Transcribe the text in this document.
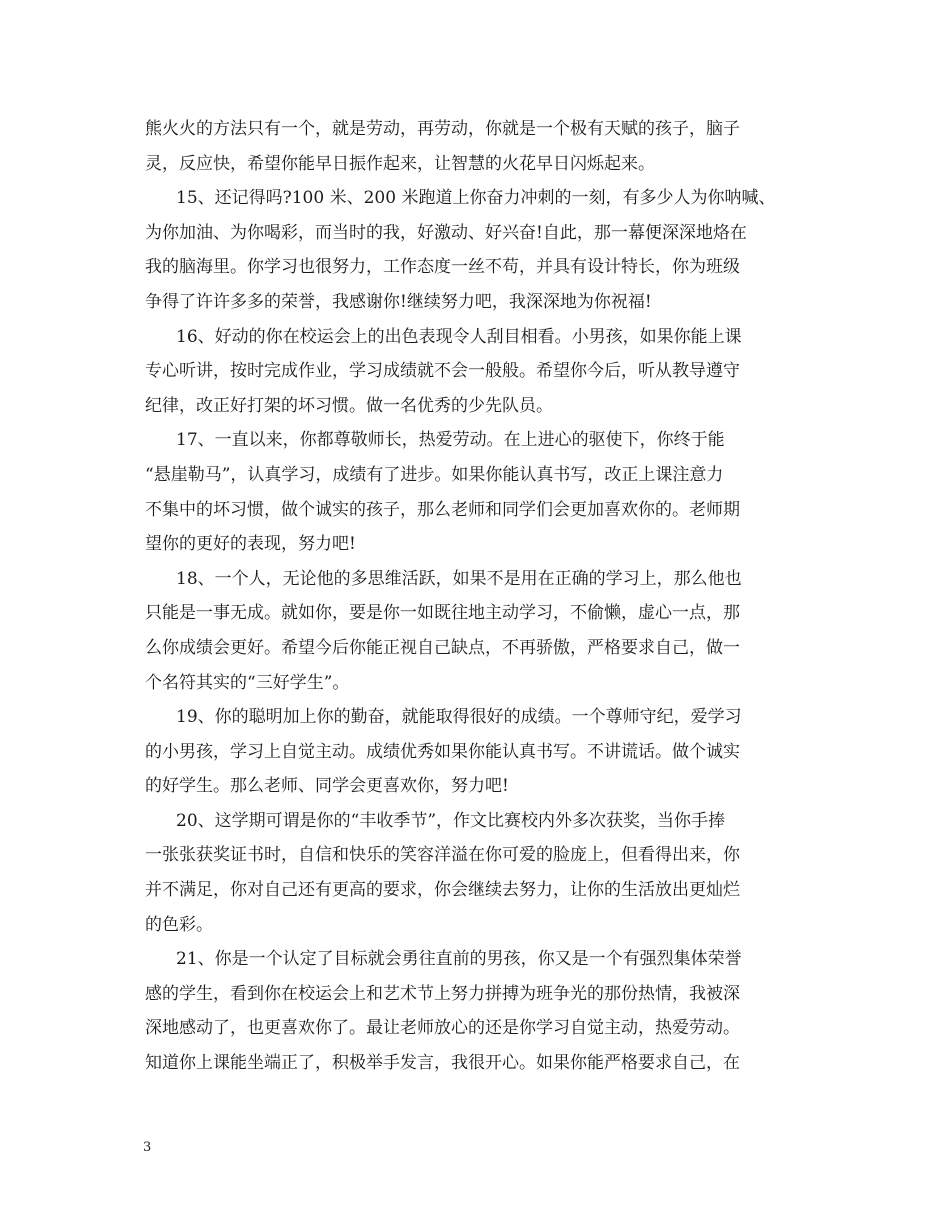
熊火火的方法只有一个，就是劳动，再劳动，你就是一个极有天赋的孩子，脑子
灵，反应快，希望你能早日振作起来，让智慧的火花早日闪烁起来。
15、还记得吗?100 米、200 米跑道上你奋力冲刺的一刻，有多少人为你呐喊、
为你加油、为你喝彩，而当时的我，好激动、好兴奋!自此，那一幕便深深地烙在
我的脑海里。你学习也很努力，工作态度一丝不苟，并具有设计特长，你为班级
争得了许许多多的荣誉，我感谢你!继续努力吧，我深深地为你祝福!
16、好动的你在校运会上的出色表现令人刮目相看。小男孩，如果你能上课
专心听讲，按时完成作业，学习成绩就不会一般般。希望你今后，听从教导遵守
纪律，改正好打架的坏习惯。做一名优秀的少先队员。
17、一直以来，你都尊敬师长，热爱劳动。在上进心的驱使下，你终于能
“悬崖勒马”，认真学习，成绩有了进步。如果你能认真书写，改正上课注意力
不集中的坏习惯，做个诚实的孩子，那么老师和同学们会更加喜欢你的。老师期
望你的更好的表现，努力吧!
18、一个人，无论他的多思维活跃，如果不是用在正确的学习上，那么他也
只能是一事无成。就如你，要是你一如既往地主动学习，不偷懒，虚心一点，那
么你成绩会更好。希望今后你能正视自己缺点，不再骄傲，严格要求自己，做一
个名符其实的“三好学生”。
19、你的聪明加上你的勤奋，就能取得很好的成绩。一个尊师守纪，爱学习
的小男孩，学习上自觉主动。成绩优秀如果你能认真书写。不讲谎话。做个诚实
的好学生。那么老师、同学会更喜欢你，努力吧!
20、这学期可谓是你的“丰收季节”，作文比赛校内外多次获奖，当你手捧
一张张获奖证书时，自信和快乐的笑容洋溢在你可爱的脸庞上，但看得出来，你
并不满足，你对自己还有更高的要求，你会继续去努力，让你的生活放出更灿烂
的色彩。
21、你是一个认定了目标就会勇往直前的男孩，你又是一个有强烈集体荣誉
感的学生，看到你在校运会上和艺术节上努力拼搏为班争光的那份热情，我被深
深地感动了，也更喜欢你了。最让老师放心的还是你学习自觉主动，热爱劳动。
知道你上课能坐端正了，积极举手发言，我很开心。如果你能严格要求自己，在
3
